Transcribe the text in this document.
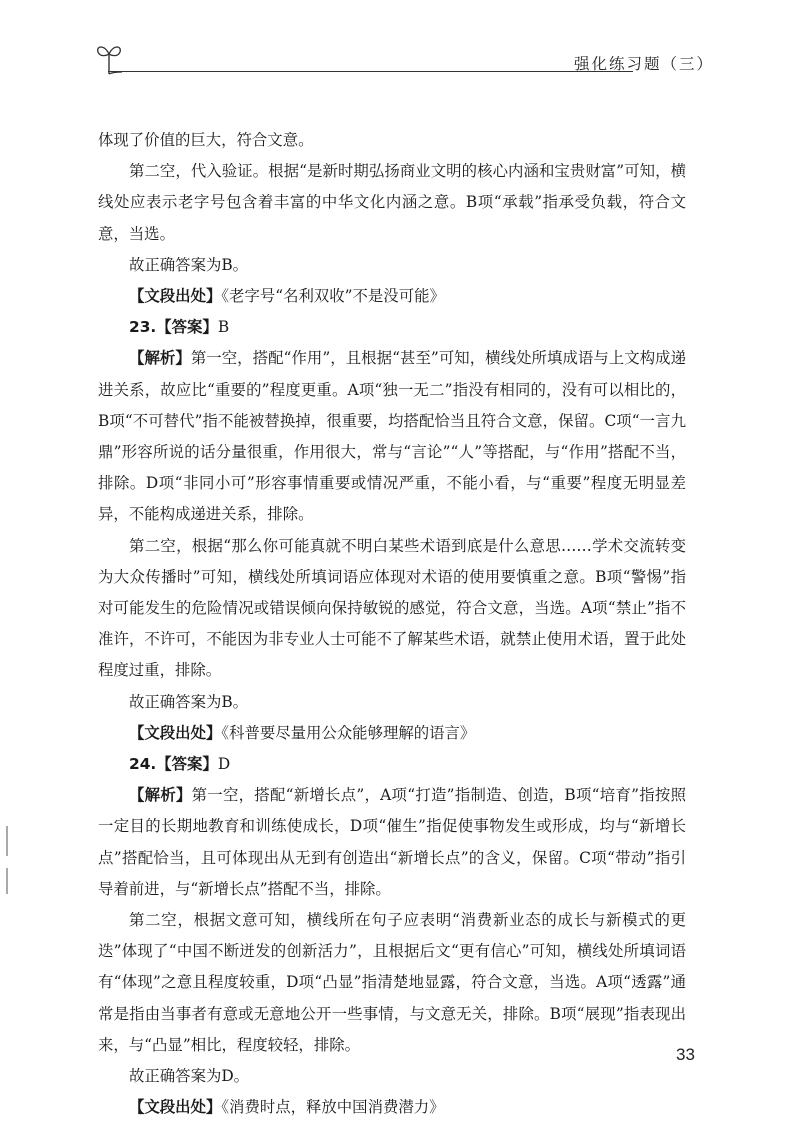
强化练习题（三）

体现了价值的巨大，符合文意。

第二空，代入验证。根据“是新时期弘扬商业文明的核心内涵和宝贵财富”可知，横线处应表示老字号包含着丰富的中华文化内涵之意。B项“承载”指承受负载，符合文意，当选。

故正确答案为B。

【文段出处】《老字号“名利双收”不是没可能》

23.【答案】B

【解析】第一空，搭配“作用”，且根据“甚至”可知，横线处所填成语与上文构成递进关系，故应比“重要的”程度更重。A项“独一无二”指没有相同的，没有可以相比的，B项“不可替代”指不能被替换掉，很重要，均搭配恰当且符合文意，保留。C项“一言九鼎”形容所说的话分量很重，作用很大，常与“言论”“人”等搭配，与“作用”搭配不当，排除。D项“非同小可”形容事情重要或情况严重，不能小看，与“重要”程度无明显差异，不能构成递进关系，排除。

第二空，根据“那么你可能真就不明白某些术语到底是什么意思……学术交流转变为大众传播时”可知，横线处所填词语应体现对术语的使用要慎重之意。B项“警惕”指对可能发生的危险情况或错误倾向保持敏锐的感觉，符合文意，当选。A项“禁止”指不准许，不许可，不能因为非专业人士可能不了解某些术语，就禁止使用术语，置于此处程度过重，排除。

故正确答案为B。

【文段出处】《科普要尽量用公众能够理解的语言》

24.【答案】D

【解析】第一空，搭配“新增长点”，A项“打造”指制造、创造，B项“培育”指按照一定目的长期地教育和训练使成长，D项“催生”指促使事物发生或形成，均与“新增长点”搭配恰当，且可体现出从无到有创造出“新增长点”的含义，保留。C项“带动”指引导着前进，与“新增长点”搭配不当，排除。

第二空，根据文意可知，横线所在句子应表明“消费新业态的成长与新模式的更迭”体现了“中国不断迸发的创新活力”，且根据后文“更有信心”可知，横线处所填词语有“体现”之意且程度较重，D项“凸显”指清楚地显露，符合文意，当选。A项“透露”通常是指由当事者有意或无意地公开一些事情，与文意无关，排除。B项“展现”指表现出来，与“凸显”相比，程度较轻，排除。

故正确答案为D。

【文段出处】《消费时点，释放中国消费潜力》

33
